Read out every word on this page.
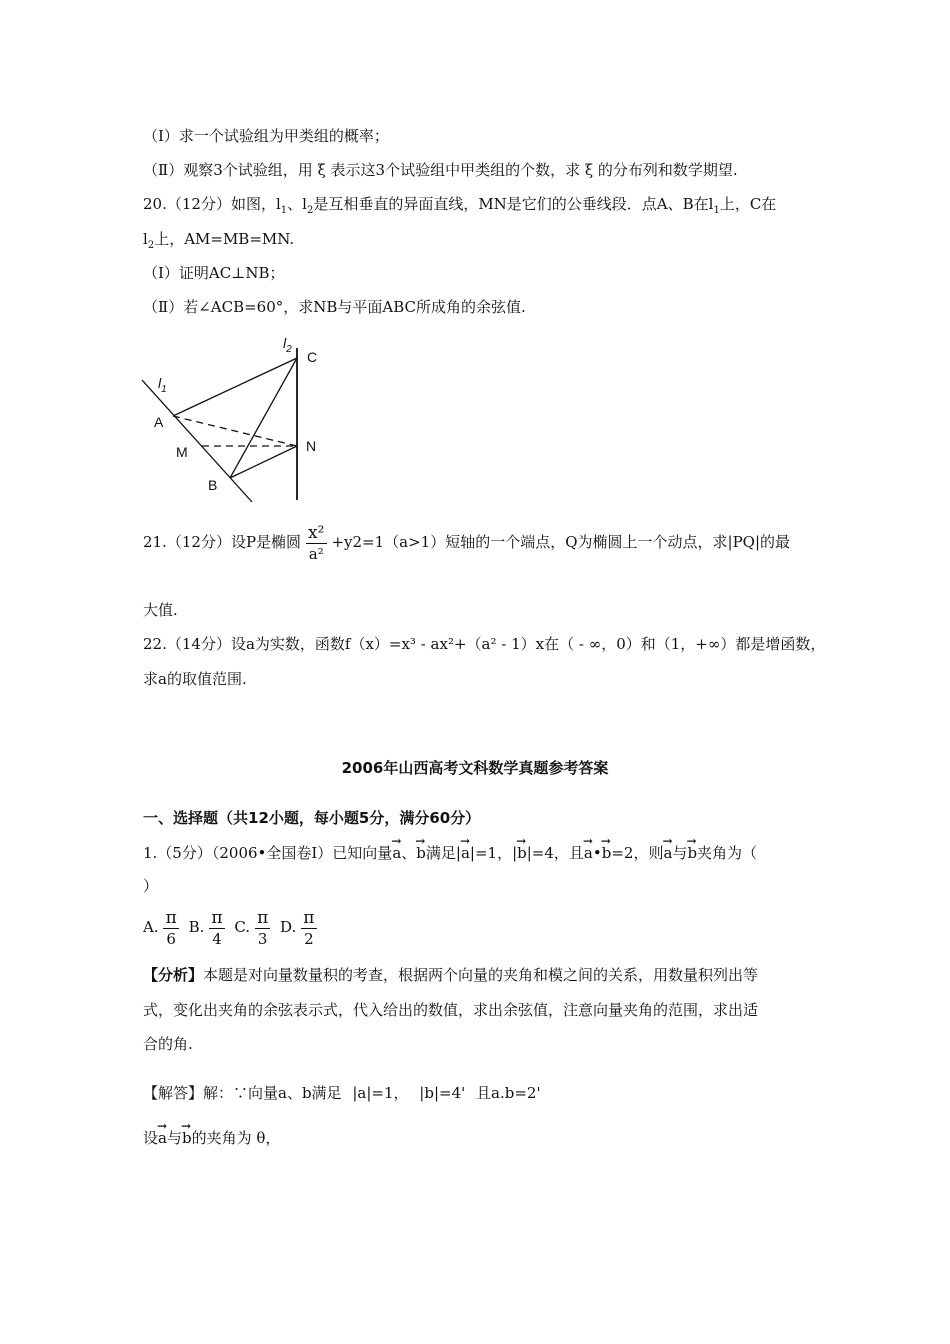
（Ⅰ）求一个试验组为甲类组的概率；
（Ⅱ）观察3个试验组，用 ξ 表示这3个试验组中甲类组的个数，求 ξ 的分布列和数学期望.
20.（12分）如图，$l_1$、$l_2$是互相垂直的异面直线，MN是它们的公垂线段．点A、B在$l_1$上，C在
$l_2$上，AM=MB=MN.
（Ⅰ）证明AC⊥NB；
（Ⅱ）若∠ACB=60°，求NB与平面ABC所成角的余弦值.
$l_2$
$l_1$
C
A
M	N
B
21.（12分）设P是椭圆 $\frac{\text{x²}}{\text{a²}} +y2=1(a>1)$短轴的一个端点，Q为椭圆上一个动点，求|PQ|的最
大值.
22.（14分）设a为实数，函数f（x）=x³ - ax²+（a² - 1）x在（ - ∞，0）和（1，+∞）都是增函数，
求a的取值范围.
2006年山西高考文科数学真题参考答案
一、选择题（共12小题，每小题5分，满分60分）
1.（5分）（2006•全国卷Ⅰ）已知向量→ a、→ b满足|→ a|=1，|→ b|=4，且→ a•→ b=2，则→ a与→ b夹角为（
）
A. $\frac{\pi}{6} B$. $\frac{\pi}{4} C$. $\frac{\pi}{3} D$. $\frac{\pi}{2}$
【分析】本题是对向量数量积的考查，根据两个向量的夹角和模之间的关系，用数量积列出等
式，变化出夹角的余弦表示式，代入给出的数值，求出余弦值，注意向量夹角的范围，求出适
合的角.
【解答】解：∵向量a、b满足 |a|=1， |b|=4' 且a.b=2'
设→ a与→ b的夹角为 θ，
